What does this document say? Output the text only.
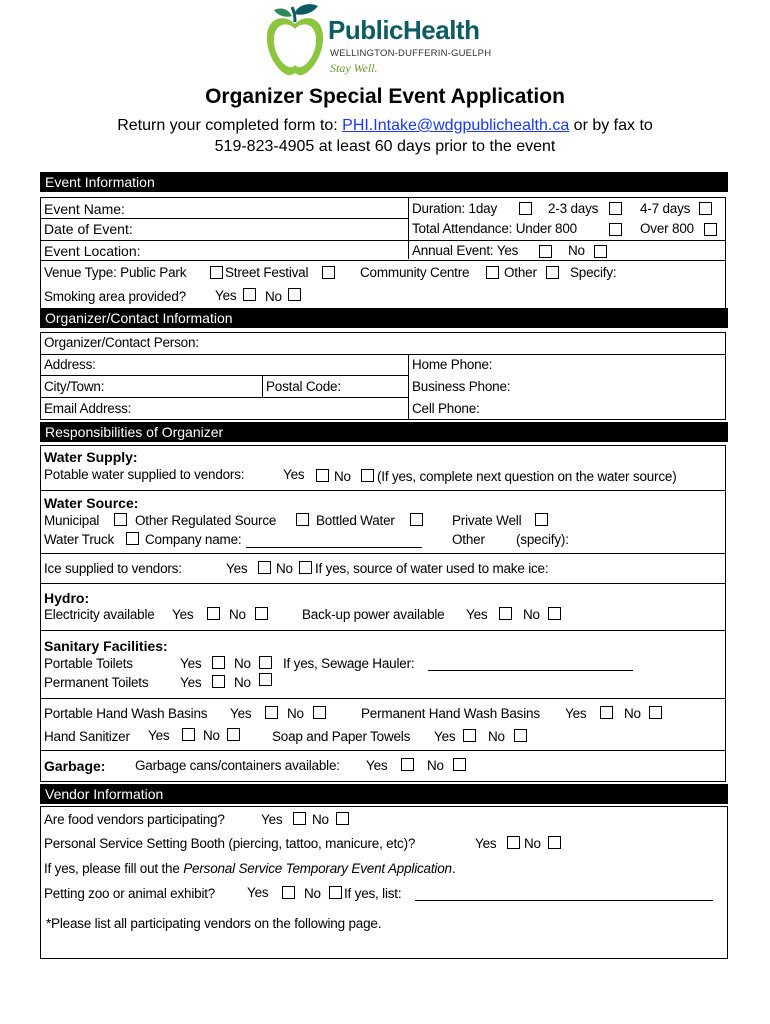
PublicHealth
WELLINGTON-DUFFERIN-GUELPH
Stay Well.
Organizer Special Event Application
Return your completed form to: PHI.Intake@wdgpublichealth.ca or by fax to
519-823-4905 at least 60 days prior to the event
Event Information
Event Name:
Date of Event:
Event Location:
Duration: 1day	2-3 days	4-7 days
Total Attendance: Under 800	Over 800
Annual Event: Yes	No
Venue Type: Public Park	Street Festival	Community Centre	Other Specify:
Smoking area provided? Yes No
Organizer/Contact Information
Organizer/Contact Person:
Address:
City/Town:	Postal Code:
Email Address:
Home Phone:
Business Phone:
Cell Phone:
Responsibilities of Organizer
Water Supply:
Potable water supplied to vendors:	Yes No (If yes, complete next question on the water source)
Water Source:
Municipal	Other Regulated Source	Bottled Water	Private Well
Water Truck Company name:	Other (specify):
Ice supplied to vendors:	Yes No If yes, source of water used to make ice:
Hydro:
Electricity available Yes	No	Back-up power available Yes	No
Sanitary Facilities:
Portable Toilets	Yes No If yes, Sewage Hauler:
Permanent Toilets Yes No
Portable Hand Wash Basins Yes	No	Permanent Hand Wash Basins Yes	No
Hand Sanitizer Yes No	Soap and Paper Towels Yes No
Garbage: Garbage cans/containers available: Yes	No
Vendor Information
Are food vendors participating?	Yes No
Personal Service Setting Booth (piercing, tattoo, manicure, etc)?	Yes No
If yes, please fill out the Personal Service Temporary Event Application.
Petting zoo or animal exhibit? Yes	No If yes, list:
*Please list all participating vendors on the following page.
